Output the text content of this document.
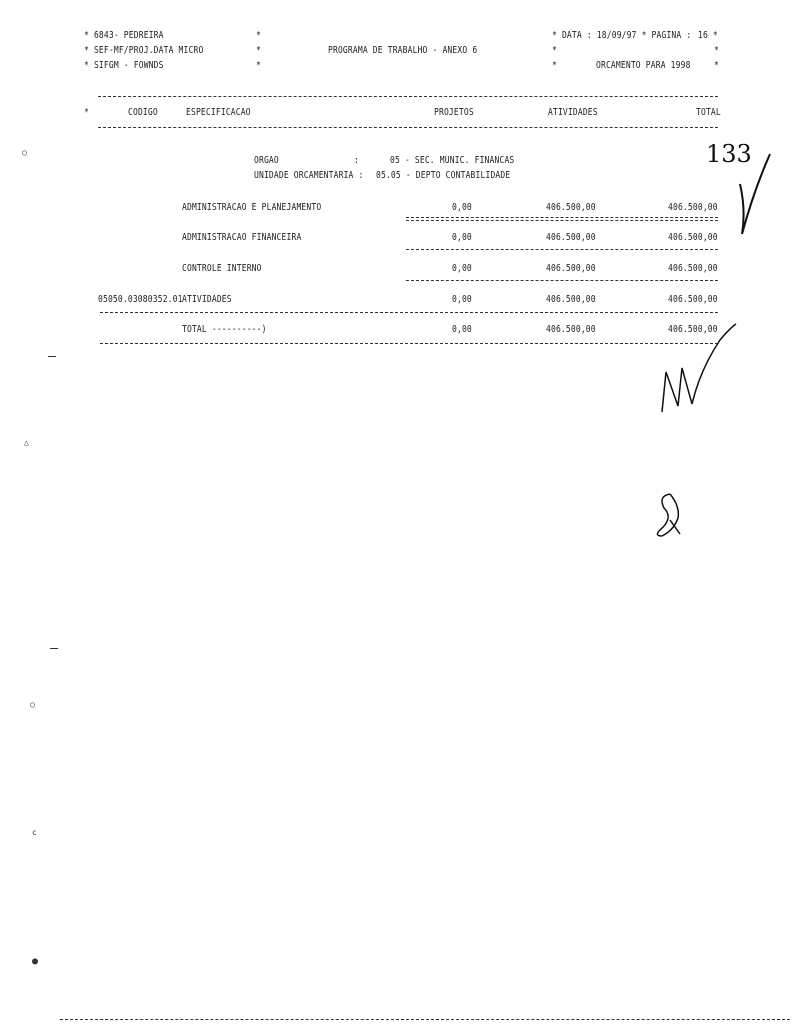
* 6843- PEDREIRA
* SEF-MF/PROJ.DATA MICRO
* SIFGM - FOWNDS
*
*
*
PROGRAMA DE TRABALHO - ANEXO 6
* DATA : 18/09/97 * PAGINA : 16 *
*	*
*	ORCAMENTO PARA 1998 *
*	CODIGO	ESPECIFICACAO	PROJETOS	ATIVIDADES	TOTAL
ORGAO	:	05 - SEC. MUNIC. FINANCAS
UNIDADE ORCAMENTARIA : 05.05 - DEPTO CONTABILIDADE
ADMINISTRACAO E PLANEJAMENTO	0,00	406.500,00	406.500,00
ADMINISTRACAO FINANCEIRA	0,00	406.500,00	406.500,00
CONTROLE INTERNO	0,00	406.500,00	406.500,00
05050.03080352.01 ATIVIDADES	0,00	406.500,00	406.500,00
TOTAL ----------)	0,00	406.500,00	406.500,00
133
○
△
○
c
●
